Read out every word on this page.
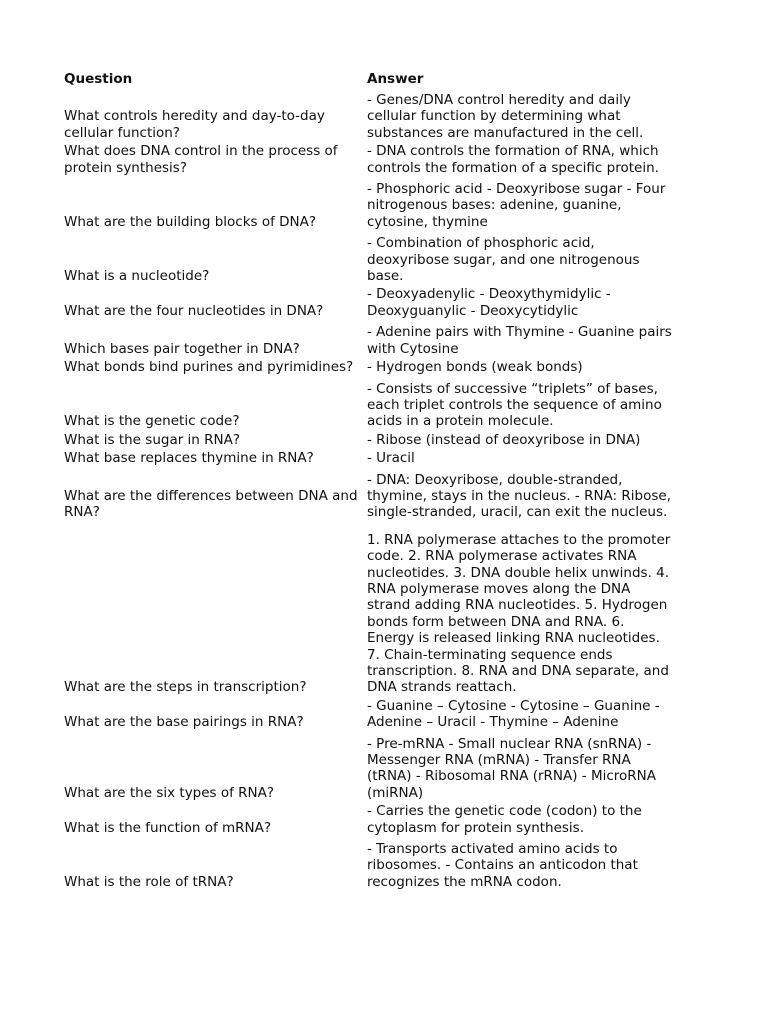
Question	Answer
What controls heredity and day-to-day cellular function?	- Genes/DNA control heredity and daily cellular function by determining what substances are manufactured in the cell.
What does DNA control in the process of protein synthesis?	- DNA controls the formation of RNA, which controls the formation of a specific protein.
What are the building blocks of DNA?	- Phosphoric acid - Deoxyribose sugar - Four nitrogenous bases: adenine, guanine, cytosine, thymine
What is a nucleotide?	- Combination of phosphoric acid, deoxyribose sugar, and one nitrogenous base.
What are the four nucleotides in DNA?	- Deoxyadenylic - Deoxythymidylic - Deoxyguanylic - Deoxycytidylic
Which bases pair together in DNA?	- Adenine pairs with Thymine - Guanine pairs with Cytosine
What bonds bind purines and pyrimidines?	- Hydrogen bonds (weak bonds)
What is the genetic code?	- Consists of successive “triplets” of bases, each triplet controls the sequence of amino acids in a protein molecule.
What is the sugar in RNA?	- Ribose (instead of deoxyribose in DNA)
What base replaces thymine in RNA?	- Uracil
What are the differences between DNA and RNA?	- DNA: Deoxyribose, double-stranded, thymine, stays in the nucleus. - RNA: Ribose, single-stranded, uracil, can exit the nucleus.
What are the steps in transcription?	1. RNA polymerase attaches to the promoter code. 2. RNA polymerase activates RNA nucleotides. 3. DNA double helix unwinds. 4. RNA polymerase moves along the DNA strand adding RNA nucleotides. 5. Hydrogen bonds form between DNA and RNA. 6. Energy is released linking RNA nucleotides. 7. Chain-terminating sequence ends transcription. 8. RNA and DNA separate, and DNA strands reattach.
What are the base pairings in RNA?	- Guanine – Cytosine - Cytosine – Guanine - Adenine – Uracil - Thymine – Adenine
What are the six types of RNA?	- Pre-mRNA - Small nuclear RNA (snRNA) - Messenger RNA (mRNA) - Transfer RNA (tRNA) - Ribosomal RNA (rRNA) - MicroRNA (miRNA)
What is the function of mRNA?	- Carries the genetic code (codon) to the cytoplasm for protein synthesis.
What is the role of tRNA?	- Transports activated amino acids to ribosomes. - Contains an anticodon that recognizes the mRNA codon.
